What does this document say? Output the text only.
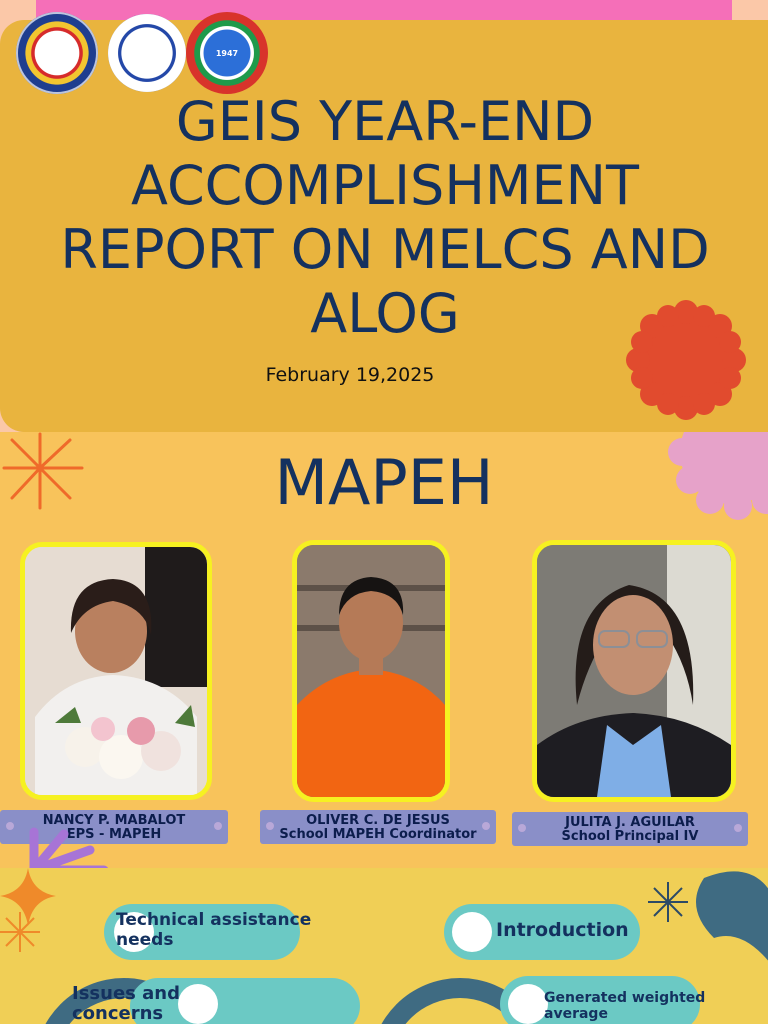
1947
GEIS YEAR-END ACCOMPLISHMENT REPORT ON MELCS AND ALOG
February 19,2025
MAPEH
NANCY P. MABALOT
EPS - MAPEH
OLIVER C. DE JESUS
School MAPEH Coordinator
JULITA J. AGUILAR
School Principal IV
Technical assistance needs	Introduction
Issues and concerns
Generated weighted average
